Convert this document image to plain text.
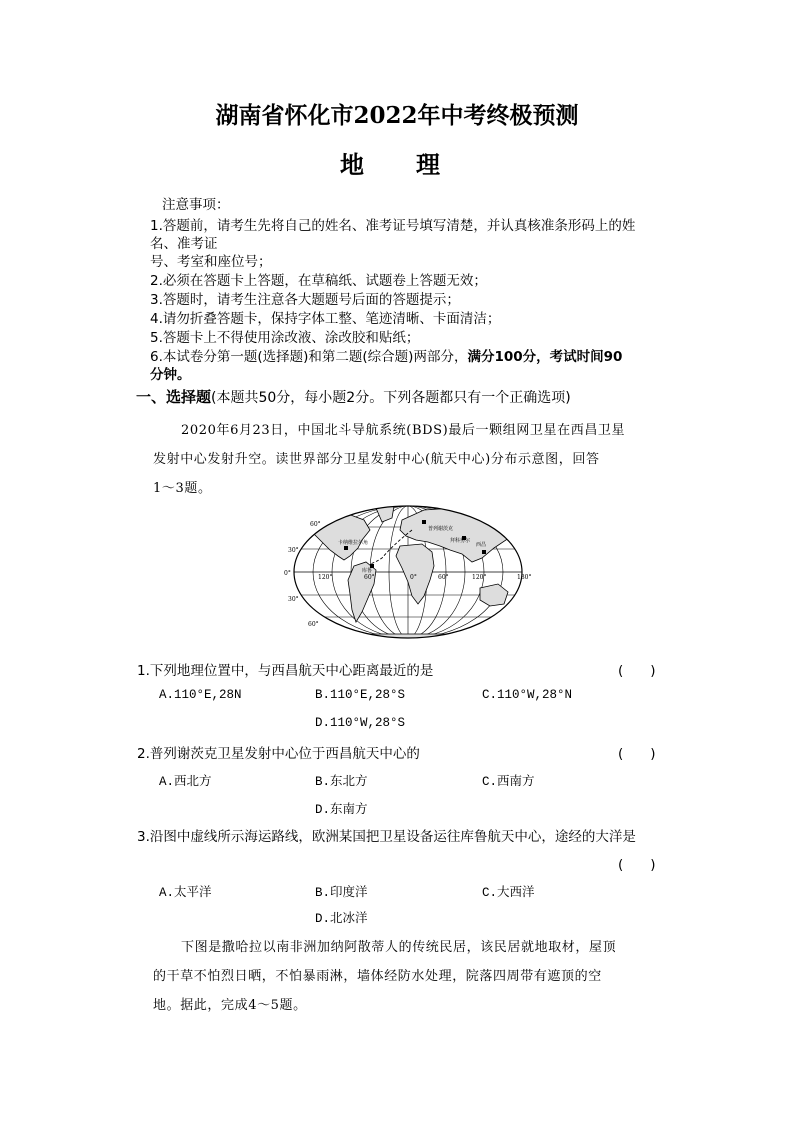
湖南省怀化市2022年中考终极预测
地　理
注意事项：
1.答题前，请考生先将自己的姓名、准考证号填写清楚，并认真核准条形码上的姓
名、准考证
号、考室和座位号；
2.必须在答题卡上答题，在草稿纸、试题卷上答题无效；
3.答题时，请考生注意各大题题号后面的答题提示；
4.请勿折叠答题卡，保持字体工整、笔迹清晰、卡面清洁；
5.答题卡上不得使用涂改液、涂改胶和贴纸；
6.本试卷分第一题(选择题)和第二题(综合题)两部分，满分100分，考试时间90
分钟。
一、选择题(本题共50分，每小题2分。下列各题都只有一个正确选项)
2020年6月23日，中国北斗导航系统(BDS)最后一颗组网卫星在西昌卫星
发射中心发射升空。读世界部分卫星发射中心(航天中心)分布示意图，回答
1～3题。
普列谢茨克
西昌
拜科努尔
库鲁
卡纳维拉尔角
60°
30°
0°
30°
60°
120°	60°	0°	60°	120°	180°
1.下列地理位置中，与西昌航天中心距离最近的是	(　　)
A.110°E,28N	B.110°E,28°S	C.110°W,28°N
D.110°W,28°S
2.普列谢茨克卫星发射中心位于西昌航天中心的	(　　)
A.西北方	B.东北方	C.西南方
D.东南方
3.沿图中虚线所示海运路线，欧洲某国把卫星设备运往库鲁航天中心，途经的大洋是
(　　)
A.太平洋	B.印度洋	C.大西洋
D.北冰洋
下图是撒哈拉以南非洲加纳阿散蒂人的传统民居，该民居就地取材，屋顶
的干草不怕烈日晒，不怕暴雨淋，墙体经防水处理，院落四周带有遮顶的空
地。据此，完成4～5题。
